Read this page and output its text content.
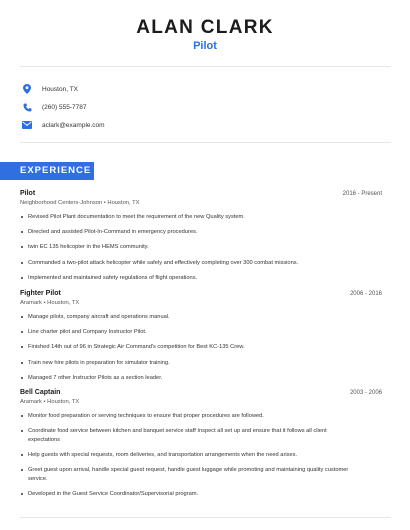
ALAN CLARK
Pilot
Houston, TX
(260) 555-7787
aclark@example.com
EXPERIENCE
Pilot	2016 - Present
Neighborhood Centers-Johnson • Houston, TX
Revised Pilot Plant documentation to meet the requirement of the new Quality system.
Directed and assisted Pilot-In-Command in emergency procedures.
twin EC 135 helicopter in the HEMS community.
Commanded a two-pilot attack helicopter while safely and effectively completing over 300 combat missions.
Implemented and maintained safety regulations of flight operations.
Fighter Pilot	2006 - 2016
Aramark • Houston, TX
Manage pilots, company aircraft and operations manual.
Line charter pilot and Company Instructor Pilot.
Finished 14th out of 96 in Strategic Air Command's competition for Best KC-135 Crew.
Train new hire pilots in preparation for simulator training.
Managed 7 other Instructor Pilots as a section leader.
Bell Captain	2003 - 2006
Aramark • Houston, TX
Monitor food preparation or serving techniques to ensure that proper procedures are followed.
Coordinate food service between kitchen and banquet service staff Inspect all set up and ensure that it follows all client expectations
Help guests with special requests, room deliveries, and transportation arrangements when the need arises.
Greet guest upon arrival, handle special guest request, handle guest luggage while promoting and maintaining quality customer service.
Developed in the Guest Service Coordinator/Supervisorial program.
